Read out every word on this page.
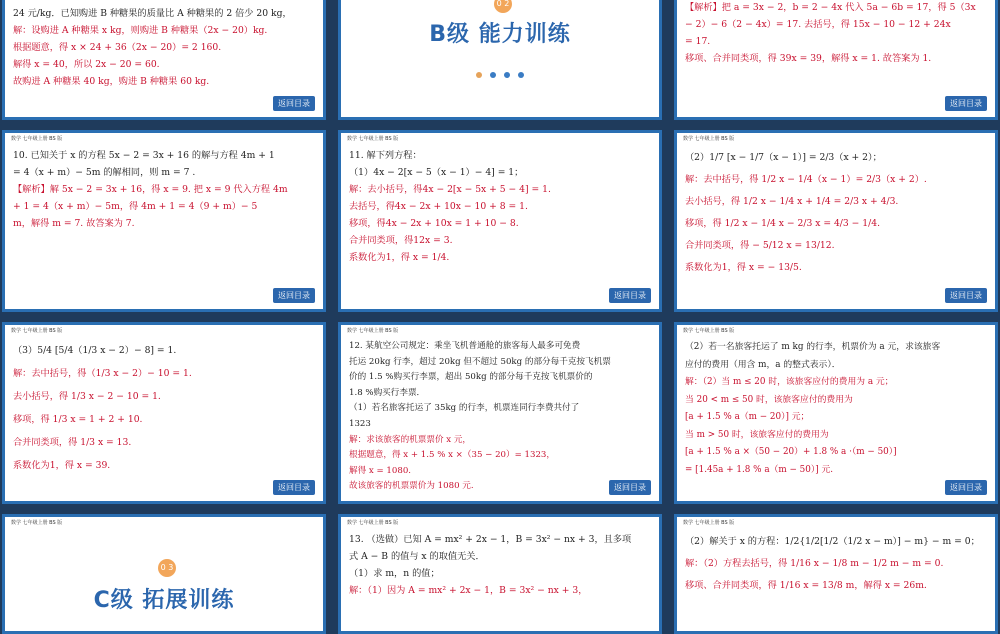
24 元/kg．已知购进 B 种糖果的质量比 A 种糖果的 2 倍少 20 kg，
解：设购进 A 种糖果 x kg，则购进 B 种糖果（2x − 20）kg.
根据题意，得 x × 24 + 36（2x − 20）= 2 160.
解得 x = 40，所以 2x − 20 = 60.
故购进 A 种糖果 40 kg，购进 B 种糖果 60 kg.
返回目录
0 2
B级 能力训练
【解析】把 a = 3x − 2，b = 2 − 4x 代入 5a − 6b = 17，得 5（3x
− 2）− 6（2 − 4x）= 17. 去括号，得 15x − 10 − 12 + 24x
= 17.
移项、合并同类项，得 39x = 39，解得 x = 1. 故答案为 1.
返回目录
数学 七年级上册 BS 版
10. 已知关于 x 的方程 5x − 2 = 3x + 16 的解与方程 4m + 1
= 4（x + m）− 5m 的解相同，则 m = 7 .
【解析】解 5x − 2 = 3x + 16，得 x = 9. 把 x = 9 代入方程 4m
+ 1 = 4（x + m）− 5m，得 4m + 1 = 4（9 + m）− 5
m，解得 m = 7. 故答案为 7.
返回目录
数学 七年级上册 BS 版
11. 解下列方程：
（1）4x − 2[x − 5（x − 1）− 4] = 1；
解：去小括号，得4x − 2[x − 5x + 5 − 4] = 1.
去括号，得4x − 2x + 10x − 10 + 8 = 1.
移项，得4x − 2x + 10x = 1 + 10 − 8.
合并同类项，得12x = 3.
系数化为1，得 x = 1/4.
返回目录
数学 七年级上册 BS 版
（2）1/7 [x − 1/7（x − 1）] = 2/3（x + 2）；
解：去中括号，得 1/2 x − 1/4（x − 1）= 2/3（x + 2）.
去小括号，得 1/2 x − 1/4 x + 1/4 = 2/3 x + 4/3.
移项，得 1/2 x − 1/4 x − 2/3 x = 4/3 − 1/4.
合并同类项，得 − 5/12 x = 13/12.
系数化为1，得 x = − 13/5.
返回目录
数学 七年级上册 BS 版
（3）5/4 [5/4（1/3 x − 2）− 8] = 1.
解：去中括号，得（1/3 x − 2）− 10 = 1.
去小括号，得 1/3 x − 2 − 10 = 1.
移项，得 1/3 x = 1 + 2 + 10.
合并同类项，得 1/3 x = 13.
系数化为1，得 x = 39.
返回目录
数学 七年级上册 BS 版
12. 某航空公司规定：乘坐飞机普通舱的旅客每人最多可免费
托运 20kg 行李，超过 20kg 但不超过 50kg 的部分每千克按飞机票
价的 1.5 %购买行李票，超出 50kg 的部分每千克按飞机票价的
1.8 %购买行李票．
（1）若名旅客托运了 35kg 的行李，机票连同行李费共付了
1323
解：求该旅客的机票票价 x 元，
根据题意，得 x + 1.5 % x ×（35 − 20）= 1323，
解得 x = 1080.
故该旅客的机票票价为 1080 元.	返回目录
数学 七年级上册 BS 版
（2）若一名旅客托运了 m kg 的行李，机票价为 a 元，求该旅客
应付的费用（用含 m，a 的整式表示）．
解：（2）当 m ≤ 20 时，该旅客应付的费用为 a 元；
当 20 < m ≤ 50 时，该旅客应付的费用为
[a + 1.5 % a（m − 20）] 元；
当 m > 50 时，该旅客应付的费用为
[a + 1.5 % a ×（50 − 20）+ 1.8 % a ·（m − 50）]
= [1.45a + 1.8 % a（m − 50）] 元.
返回目录
数学 七年级上册 BS 版
0 3
C级 拓展训练
数学 七年级上册 BS 版
13. （选做）已知 A = mx² + 2x − 1，B = 3x² − nx + 3，且多项
式 A − B 的值与 x 的取值无关．
（1）求 m，n 的值；
解：（1）因为 A = mx² + 2x − 1，B = 3x² − nx + 3，
数学 七年级上册 BS 版
（2）解关于 x 的方程：1/2{1/2[1/2（1/2 x − m）] − m} − m = 0；
解：（2）方程去括号，得 1/16 x − 1/8 m − 1/2 m − m = 0.
移项、合并同类项，得 1/16 x = 13/8 m，解得 x = 26m.
